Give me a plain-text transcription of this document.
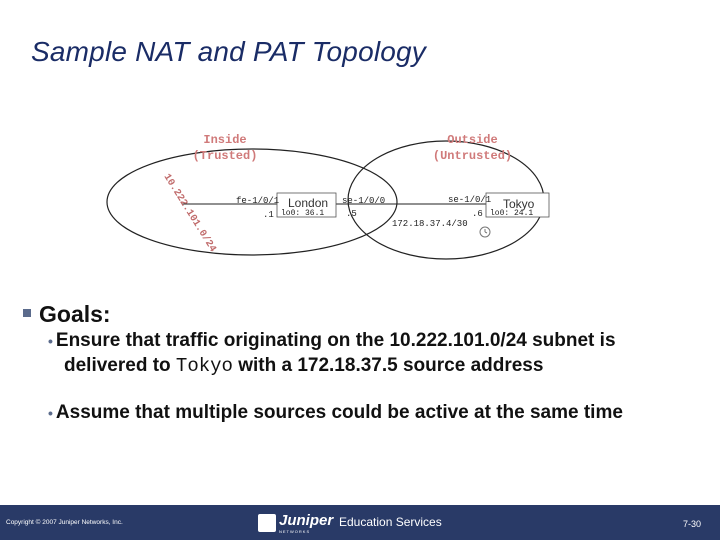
Sample NAT and PAT Topology
10.222.101.0/24
Inside
(Trusted)
Outside
(Untrusted)
fe-1/0/1
.1
London
lo0: 36.1
se-1/0/0
.5
172.18.37.4/30
se-1/0/1
.6
Tokyo
lo0: 24.1
Goals:
• Ensure that traffic originating on the 10.222.101.0/24 subnet is delivered to Tokyo with a 172.18.37.5 source address
• Assume that multiple sources could be active at the same time
Copyright © 2007 Juniper Networks, Inc.	Juniper
NETWORKS
Education Services	7-30
